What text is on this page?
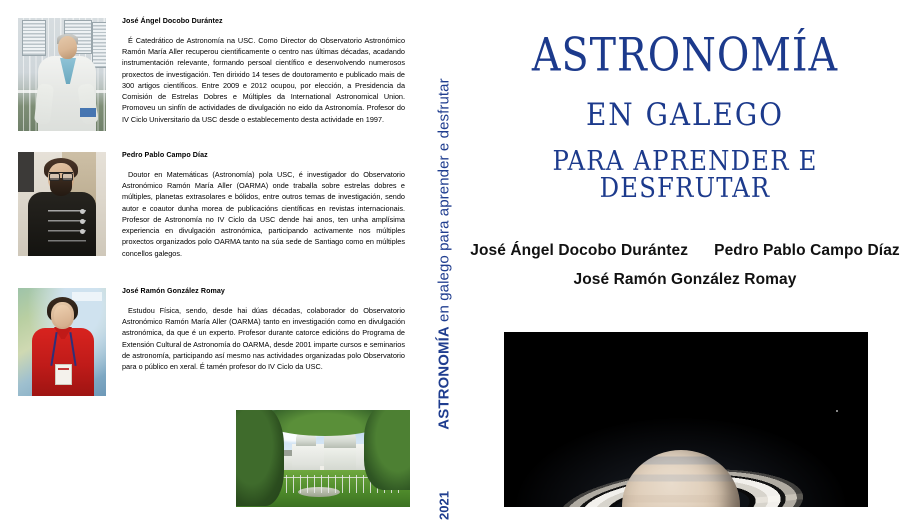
José Ángel Docobo Durántez
É Catedrático de Astronomía na USC. Como Director do Observatorio Astronómico Ramón María Aller recuperou cientificamente o centro nas últimas décadas, acadando instrumentación relevante, formando persoal científico e desenvolvendo numerosos proxectos de investigación. Ten dirixido 14 teses de doutoramento e publicado mais de 300 artigos científicos. Entre 2009 e 2012 ocupou, por elección, a Presidencia da Comisión de Estrelas Dobres e Múltiples da International Astronomical Union. Promoveu un sinfín de actividades de divulgación no eido da Astronomía. Profesor do IV Ciclo Universitario da USC desde o establecemento desta actividade en 1997.
Pedro Pablo Campo Díaz
Doutor en Matemáticas (Astronomía) pola USC, é investigador do Observatorio Astronómico Ramón María Aller (OARMA) onde traballa sobre estrelas dobres e múltiples, planetas extrasolares e bólidos, entre outros temas de investigación, sendo autor e coautor dunha morea de publicacións científicas en revistas internacionais. Profesor de Astronomía no IV Ciclo da USC dende hai anos, ten unha amplísima experiencia en divulgación astronómica, participando activamente nos múltiples proxectos organizados polo OARMA tanto na súa sede de Santiago como en múltiples concellos galegos.
José Ramón González Romay
Estudou Física, sendo, desde hai dúas décadas, colaborador do Observatorio Astronómico Ramón María Aller (OARMA) tanto en investigación como en divulgación astronómica, da que é un experto. Profesor durante catorce edicións do Programa de Extensión Cultural de Astronomía do OARMA, desde 2001 imparte cursos e seminarios de astronomía, participando así mesmo nas actividades organizadas polo Observatorio para o público en xeral. É tamén profesor do IV Ciclo da USC.	ASTRONOMÍA en galego para aprender e desfrutar
2021
ASTRONOMÍA
EN GALEGO
PARA APRENDER E DESFRUTAR
José Ángel Docobo Durántez Pedro Pablo Campo Díaz
José Ramón González Romay
